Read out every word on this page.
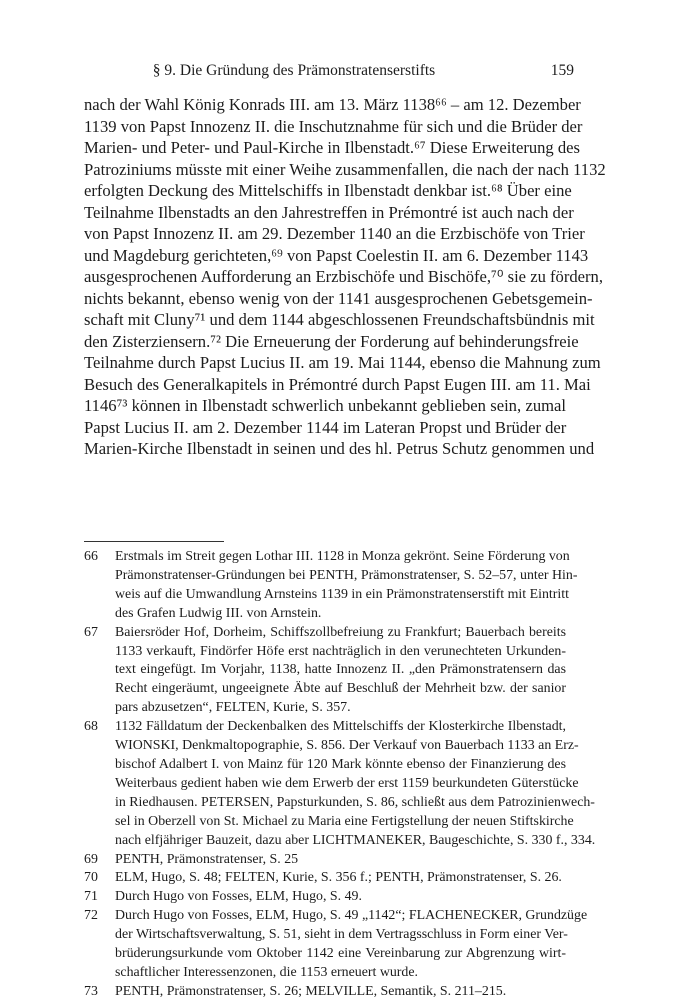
§ 9. Die Gründung des Prämonstratenserstifts	159
nach der Wahl König Konrads III. am 13. März 1138⁶⁶ – am 12. Dezember
1139 von Papst Innozenz II. die Inschutznahme für sich und die Brüder der
Marien- und Peter- und Paul-Kirche in Ilbenstadt.⁶⁷ Diese Erweiterung des
Patroziniums müsste mit einer Weihe zusammenfallen, die nach der nach 1132
erfolgten Deckung des Mittelschiffs in Ilbenstadt denkbar ist.⁶⁸ Über eine
Teilnahme Ilbenstadts an den Jahrestreffen in Prémontré ist auch nach der
von Papst Innozenz II. am 29. Dezember 1140 an die Erzbischöfe von Trier
und Magdeburg gerichteten,⁶⁹ von Papst Coelestin II. am 6. Dezember 1143
ausgesprochenen Aufforderung an Erzbischöfe und Bischöfe,⁷⁰ sie zu fördern,
nichts bekannt, ebenso wenig von der 1141 ausgesprochenen Gebetsgemein-
schaft mit Cluny⁷¹ und dem 1144 abgeschlossenen Freundschaftsbündnis mit
den Zisterziensern.⁷² Die Erneuerung der Forderung auf behinderungsfreie
Teilnahme durch Papst Lucius II. am 19. Mai 1144, ebenso die Mahnung zum
Besuch des Generalkapitels in Prémontré durch Papst Eugen III. am 11. Mai
1146⁷³ können in Ilbenstadt schwerlich unbekannt geblieben sein, zumal
Papst Lucius II. am 2. Dezember 1144 im Lateran Propst und Brüder der
Marien-Kirche Ilbenstadt in seinen und des hl. Petrus Schutz genommen und
66 Erstmals im Streit gegen Lothar III. 1128 in Monza gekrönt. Seine Förderung von
Prämonstratenser-Gründungen bei PENTH, Prämonstratenser, S. 52–57, unter Hin-
weis auf die Umwandlung Arnsteins 1139 in ein Prämonstratenserstift mit Eintritt
des Grafen Ludwig III. von Arnstein.
67 Baiersröder Hof, Dorheim, Schiffszollbefreiung zu Frankfurt; Bauerbach bereits
1133 verkauft, Findörfer Höfe erst nachträglich in den verunechteten Urkunden-
text eingefügt. Im Vorjahr, 1138, hatte Innozenz II. „den Prämonstratensern das
Recht eingeräumt, ungeeignete Äbte auf Beschluß der Mehrheit bzw. der sanior
pars abzusetzen“, FELTEN, Kurie, S. 357.
68 1132 Fälldatum der Deckenbalken des Mittelschiffs der Klosterkirche Ilbenstadt,
WIONSKI, Denkmaltopographie, S. 856. Der Verkauf von Bauerbach 1133 an Erz-
bischof Adalbert I. von Mainz für 120 Mark könnte ebenso der Finanzierung des
Weiterbaus gedient haben wie dem Erwerb der erst 1159 beurkundeten Güterstücke
in Riedhausen. PETERSEN, Papsturkunden, S. 86, schließt aus dem Patrozinienwech-
sel in Oberzell von St. Michael zu Maria eine Fertigstellung der neuen Stiftskirche
nach elfjähriger Bauzeit, dazu aber LICHTMANEKER, Baugeschichte, S. 330 f., 334.
69 PENTH, Prämonstratenser, S. 25
70 ELM, Hugo, S. 48; FELTEN, Kurie, S. 356 f.; PENTH, Prämonstratenser, S. 26.
71 Durch Hugo von Fosses, ELM, Hugo, S. 49.
72 Durch Hugo von Fosses, ELM, Hugo, S. 49 „1142“; FLACHENECKER, Grundzüge
der Wirtschaftsverwaltung, S. 51, sieht in dem Vertragsschluss in Form einer Ver-
brüderungsurkunde vom Oktober 1142 eine Vereinbarung zur Abgrenzung wirt-
schaftlicher Interessenzonen, die 1153 erneuert wurde.
73 PENTH, Prämonstratenser, S. 26; MELVILLE, Semantik, S. 211–215.
